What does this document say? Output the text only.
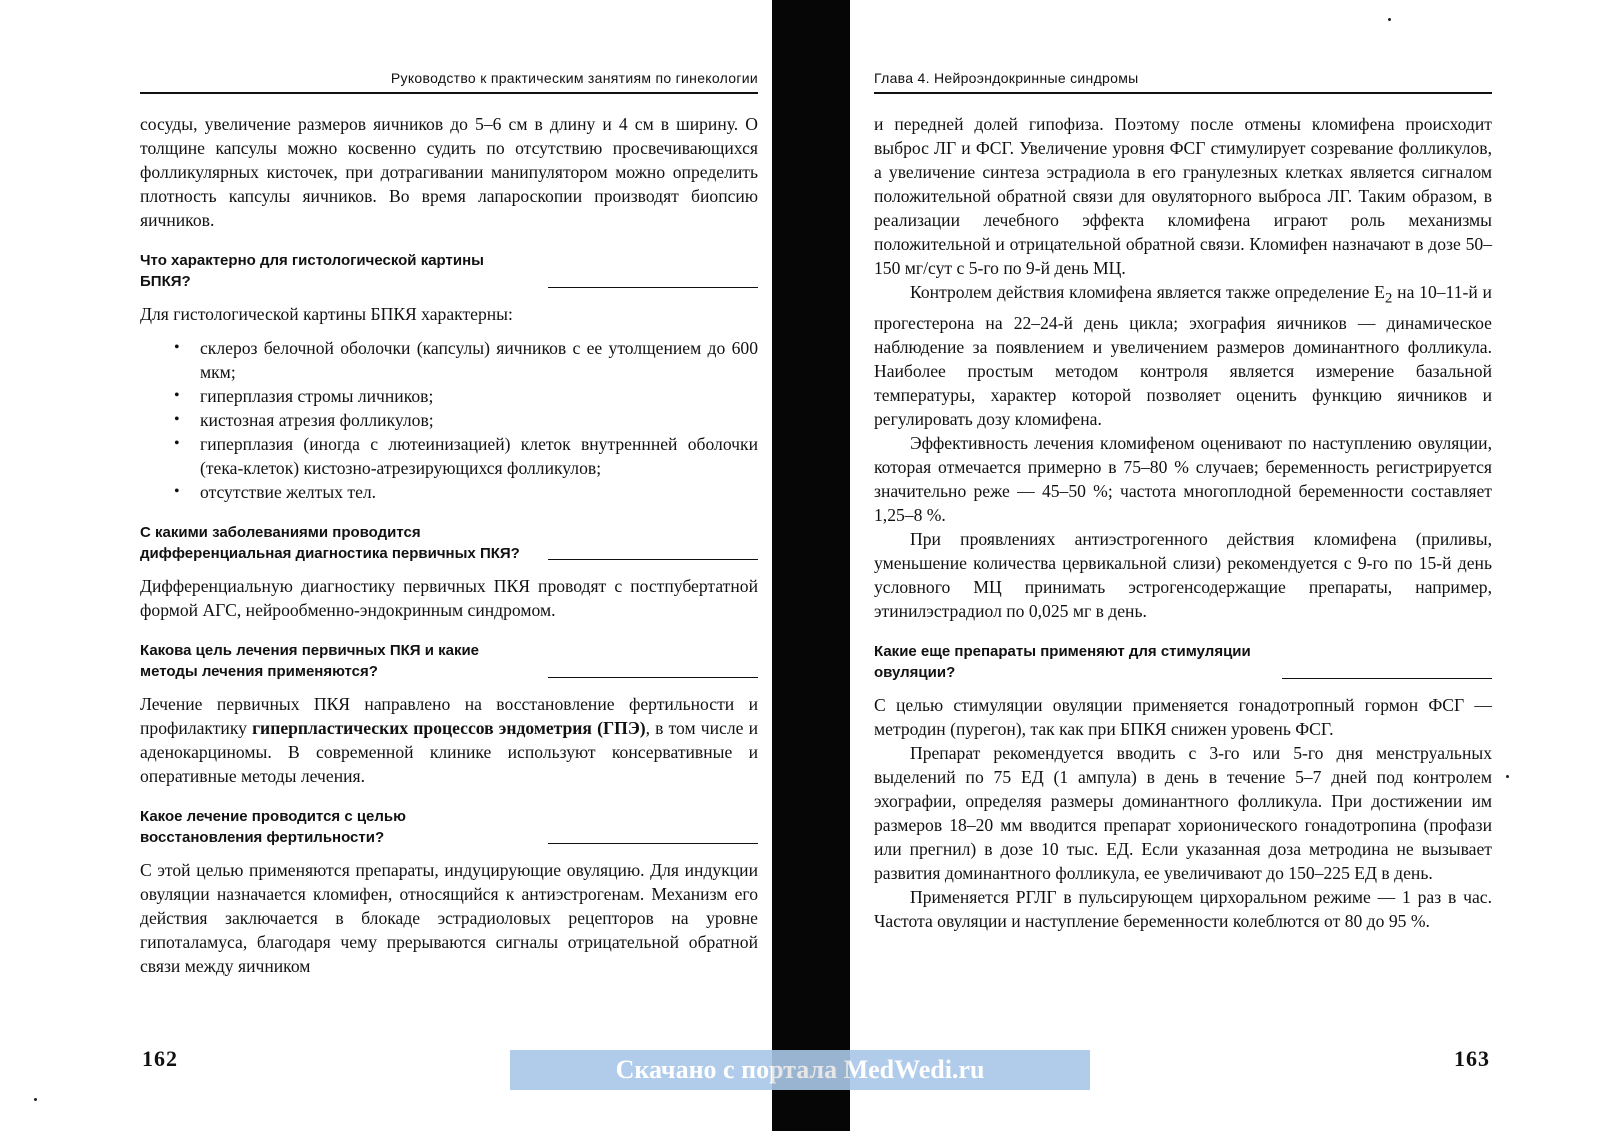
Руководство к практическим занятиям по гинекологии

сосуды, увеличение размеров яичников до 5–6 см в длину и 4 см в ширину. О толщине капсулы можно косвенно судить по отсутствию просвечивающихся фолликулярных кисточек, при дотрагивании манипулятором можно определить плотность капсулы яичников. Во время лапароскопии производят биопсию яичников.

Что характерно для гистологической картины БПКЯ?

Для гистологической картины БПКЯ характерны:

• склероз белочной оболочки (капсулы) яичников с ее утолщением до 600 мкм;
• гиперплазия стромы личников;
• кистозная атрезия фолликулов;
• гиперплазия (иногда с лютеинизацией) клеток внутреннней оболочки (тека-клеток) кистозно-атрезирующихся фолликулов;
• отсутствие желтых тел.
С какими заболеваниями проводится дифференциальная диагностика первичных ПКЯ?

Дифференциальную диагностику первичных ПКЯ проводят с постпубертатной формой АГС, нейрообменно-эндокринным синдромом.

Какова цель лечения первичных ПКЯ и какие методы лечения применяются?

Лечение первичных ПКЯ направлено на восстановление фертильности и профилактику гиперпластических процессов эндометрия (ГПЭ), в том числе и аденокарциномы. В современной клинике используют консервативные и оперативные методы лечения.

Какое лечение проводится с целью восстановления фертильности?

С этой целью применяются препараты, индуцирующие овуляцию. Для индукции овуляции назначается кломифен, относящийся к антиэстрогенам. Механизм его действия заключается в блокаде эстрадиоловых рецепторов на уровне гипоталамуса, благодаря чему прерываются сигналы отрицательной обратной связи между яичником

162
Глава 4. Нейроэндокринные синдромы

и передней долей гипофиза. Поэтому после отмены кломифена происходит выброс ЛГ и ФСГ. Увеличение уровня ФСГ стимулирует созревание фолликулов, а увеличение синтеза эстрадиола в его гранулезных клетках является сигналом положительной обратной связи для овуляторного выброса ЛГ. Таким образом, в реализации лечебного эффекта кломифена играют роль механизмы положительной и отрицательной обратной связи. Кломифен назначают в дозе 50–150 мг/сут с 5-го по 9-й день МЦ.

Контролем действия кломифена является также определение $Е_2$ на 10–11-й и прогестерона на 22–24-й день цикла; эхография яичников — динамическое наблюдение за появлением и увеличением размеров доминантного фолликула. Наиболее простым методом контроля является измерение базальной температуры, характер которой позволяет оценить функцию яичников и регулировать дозу кломифена.

Эффективность лечения кломифеном оценивают по наступлению овуляции, которая отмечается примерно в 75–80 % случаев; беременность регистрируется значительно реже — 45–50 %; частота многоплодной беременности составляет 1,25–8 %.

При проявлениях антиэстрогенного действия кломифена (приливы, уменьшение количества цервикальной слизи) рекомендуется с 9-го по 15-й день условного МЦ принимать эстрогенсодержащие препараты, например, этинилэстрадиол по 0,025 мг в день.

Какие еще препараты применяют для стимуляции овуляции?

С целью стимуляции овуляции применяется гонадотропный гормон ФСГ — метродин (пурегон), так как при БПКЯ снижен уровень ФСГ.

Препарат рекомендуется вводить с 3-го или 5-го дня менструальных выделений по 75 ЕД (1 ампула) в день в течение 5–7 дней под контролем эхографии, определяя размеры доминантного фолликула. При достижении им размеров 18–20 мм вводится препарат хорионического гонадотропина (профази или прегнил) в дозе 10 тыс. ЕД. Если указанная доза метродина не вызывает развития доминантного фолликула, ее увеличивают до 150–225 ЕД в день.

Применяется РГЛГ в пульсирующем цирхоральном режиме — 1 раз в час. Частота овуляции и наступление беременности колеблются от 80 до 95 %.

163
Скачано с портала MedWedi.ru
